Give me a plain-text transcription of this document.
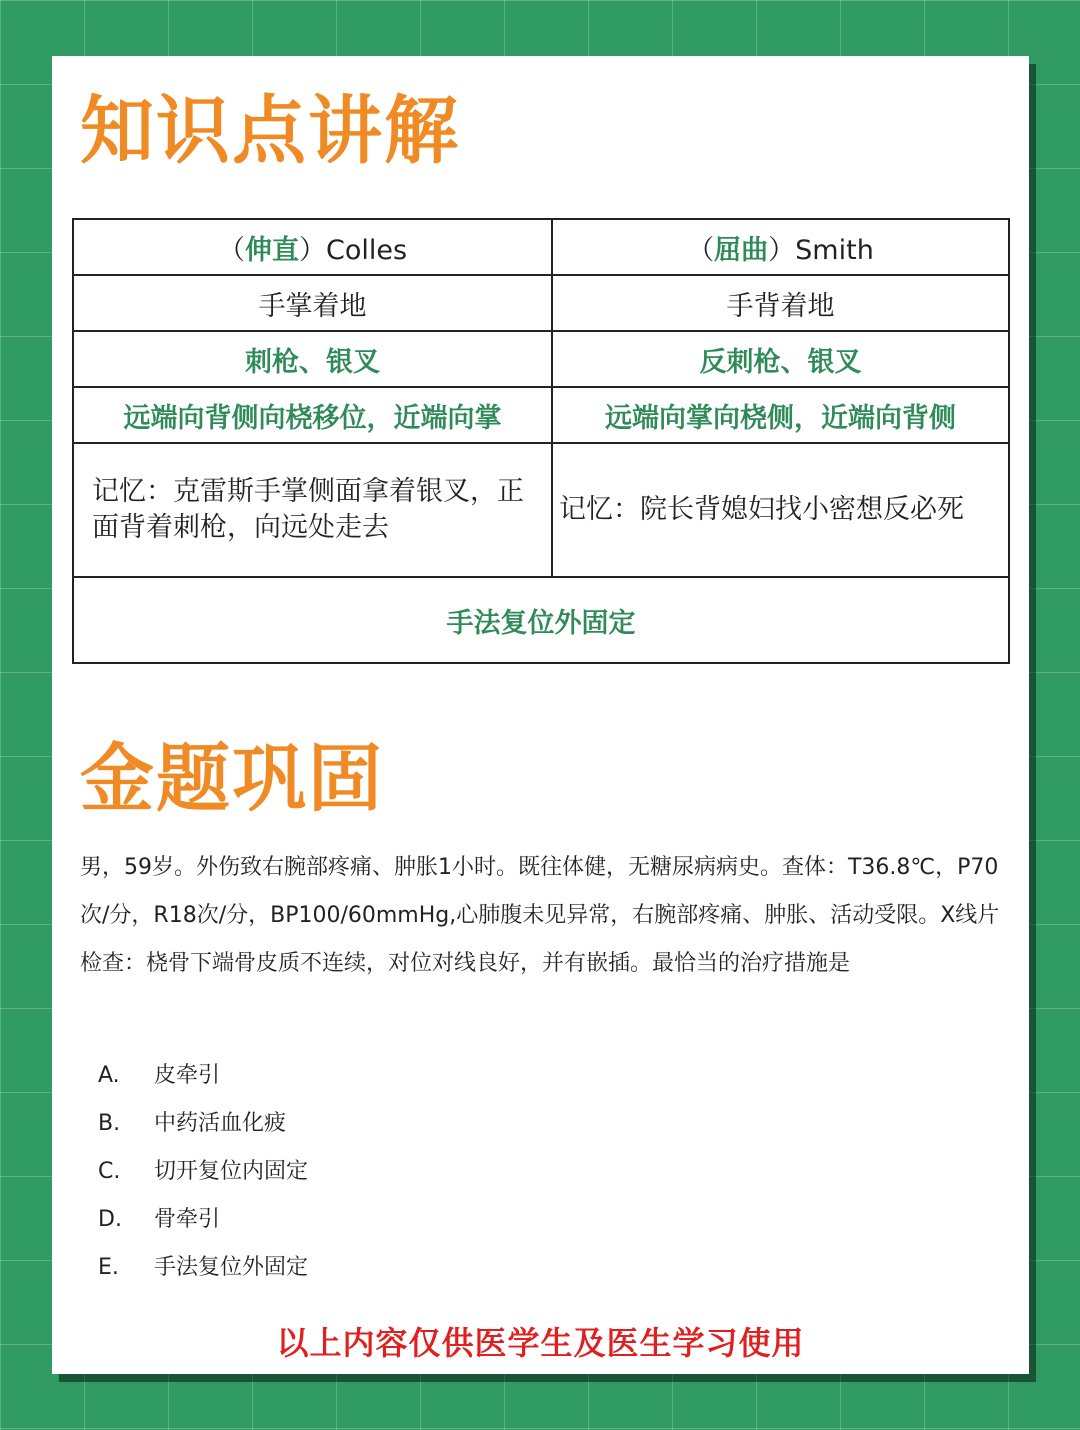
知识点讲解
（伸直）Colles	（屈曲）Smith
手掌着地	手背着地
刺枪、银叉	反刺枪、银叉
远端向背侧向桡移位，近端向掌	远端向掌向桡侧，近端向背侧
记忆：克雷斯手掌侧面拿着银叉，正面背着刺枪，向远处走去	记忆：院长背媳妇找小密想反必死
手法复位外固定	
金题巩固

男，59岁。外伤致右腕部疼痛、肿胀1小时。既往体健，无糖尿病病史。查体：T36.8℃，P70次/分，R18次/分，BP100/60mmHg,心肺腹未见异常，右腕部疼痛、肿胀、活动受限。X线片检查：桡骨下端骨皮质不连续，对位对线良好，并有嵌插。最恰当的治疗措施是

A. 皮牵引
B. 中药活血化疲
C. 切开复位内固定
D. 骨牵引
E. 手法复位外固定
以上内容仅供医学生及医生学习使用
